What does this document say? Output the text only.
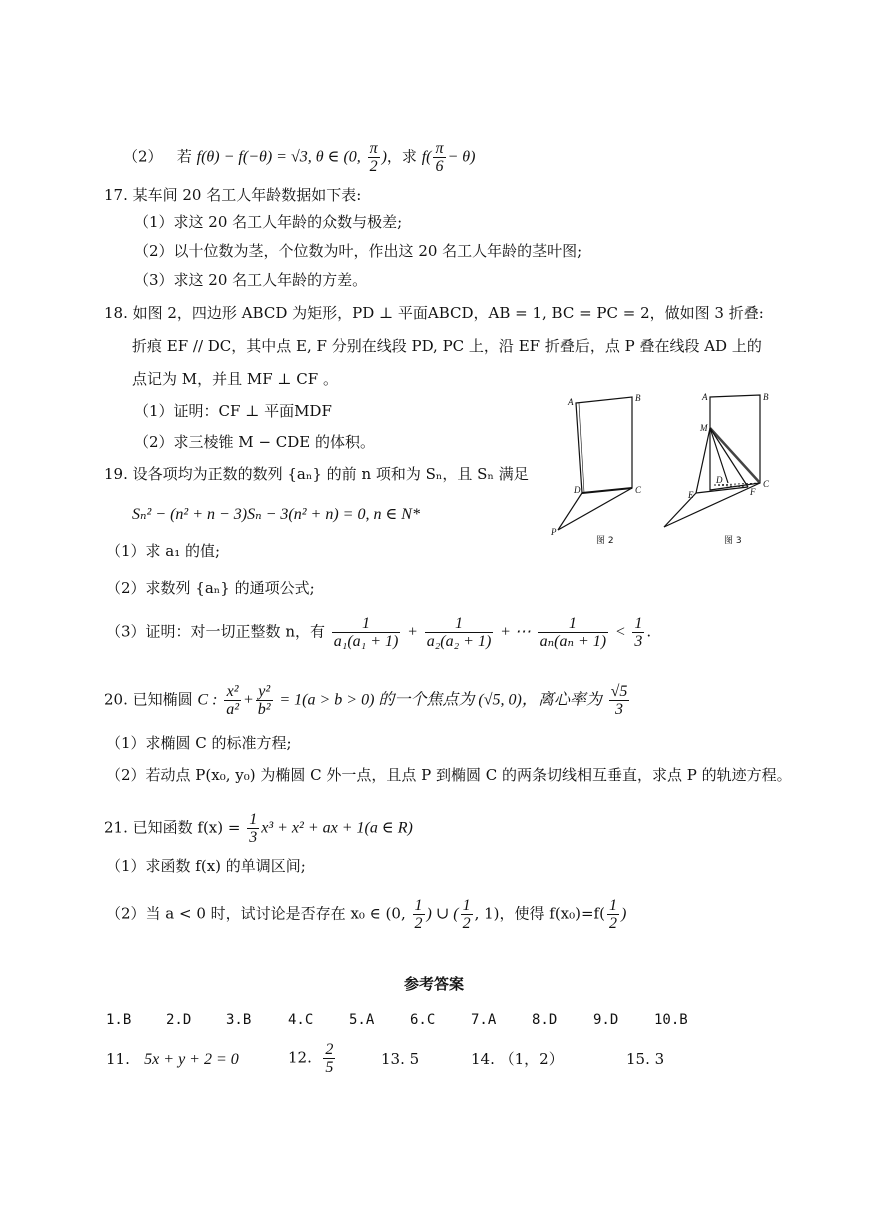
（2） 若 f(θ) − f(−θ) = √3, θ ∈ (0, $\frac{\pi}{2}$ )，求 $f( \frac{\pi}{6} - \theta)$
17. 某车间 20 名工人年龄数据如下表:
（1）求这 20 名工人年龄的众数与极差;
（2）以十位数为茎，个位数为叶，作出这 20 名工人年龄的茎叶图;
（3）求这 20 名工人年龄的方差。
18. 如图 2，四边形 ABCD 为矩形，PD ⊥ 平面ABCD，AB = 1, BC = PC = 2，做如图 3 折叠:
折痕 EF // DC，其中点 E, F 分别在线段 PD, PC 上，沿 EF 折叠后，点 P 叠在线段 AD 上的
点记为 M，并且 MF ⊥ CF 。
（1）证明：CF ⊥ 平面MDF
（2）求三棱锥 M − CDE 的体积。
A	B
D	C
P
图 2
A	B
M
D
E
C
F
图 3
19. 设各项均为正数的数列 {aₙ} 的前 n 项和为 Sₙ，且 Sₙ 满足
Sₙ² − (n² + n − 3)Sₙ − 3(n² + n) = 0, n ∈ N*
（1）求 a₁ 的值;
（2）求数列 {aₙ} 的通项公式;
（3）证明：对一切正整数 n，有 $\frac{1}{\text{a₁(a₁ + 1)}} + \frac{1}{\text{a₂(a₂ + 1)}}$ + ⋯ $\frac{1}{\text{aₙ(aₙ + 1)}} < \frac{1}{3}$ .
20. 已知椭圆 C : $\frac{\text{x²}}{\text{a²}} + \frac{\text{y²}}{\text{b²}} = 1(a > b > 0)$ 的一个焦点为 (√5, 0)，离心率为 $\frac{√5}{3}$
（1）求椭圆 C 的标准方程;
（2）若动点 P(x₀, y₀) 为椭圆 C 外一点，且点 P 到椭圆 C 的两条切线相互垂直，求点 P 的轨迹方程。
21. 已知函数 $f(x) = \frac{1}{3} x^3 + x^2$ + ax + 1(a ∈ R)
（1）求函数 f(x) 的单调区间;
（2）当 a < 0 时，试讨论是否存在 x₀ ∈ (0, $\frac{1}{2}$ ) ∪ ( $\frac{1}{2}$ , 1)，使得 $f(x_0)=f( \frac{1}{2}$ )
参考答案
1.B 2.D 3.B	4.C	5.A	6.C	7.A	8.D	9.D	10.B
11. 5x + y + 2 = 0	12. $\frac{2}{5}$	13. 5	14. （1，2）	15. 3
